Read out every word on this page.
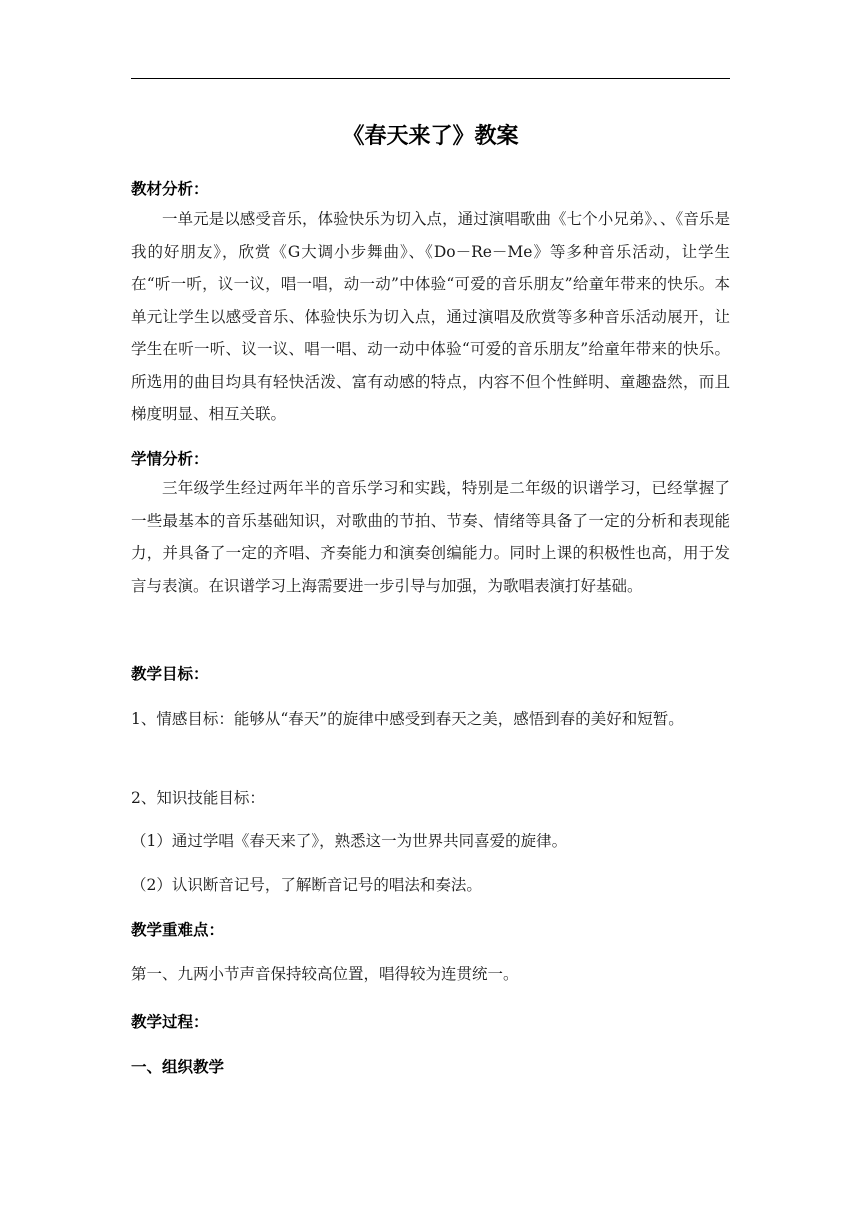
《春天来了》教案
教材分析：

一单元是以感受音乐，体验快乐为切入点，通过演唱歌曲《七个小兄弟》、、《音乐是我的好朋友》，欣赏《G大调小步舞曲》、《Do－Re－Me》等多种音乐活动，让学生在“听一听，议一议，唱一唱，动一动”中体验“可爱的音乐朋友”给童年带来的快乐。本单元让学生以感受音乐、体验快乐为切入点，通过演唱及欣赏等多种音乐活动展开，让学生在听一听、议一议、唱一唱、动一动中体验“可爱的音乐朋友”给童年带来的快乐。所选用的曲目均具有轻快活泼、富有动感的特点，内容不但个性鲜明、童趣盎然，而且梯度明显、相互关联。

学情分析：

三年级学生经过两年半的音乐学习和实践，特别是二年级的识谱学习，已经掌握了一些最基本的音乐基础知识，对歌曲的节拍、节奏、情绪等具备了一定的分析和表现能力，并具备了一定的齐唱、齐奏能力和演奏创编能力。同时上课的积极性也高，用于发言与表演。在识谱学习上海需要进一步引导与加强，为歌唱表演打好基础。

教学目标：
1、情感目标：能够从“春天”的旋律中感受到春天之美，感悟到春的美好和短暂。
2、知识技能目标：
（1）通过学唱《春天来了》，熟悉这一为世界共同喜爱的旋律。
（2）认识断音记号，了解断音记号的唱法和奏法。
教学重难点：
第一、九两小节声音保持较高位置，唱得较为连贯统一。
教学过程：
一、组织教学
